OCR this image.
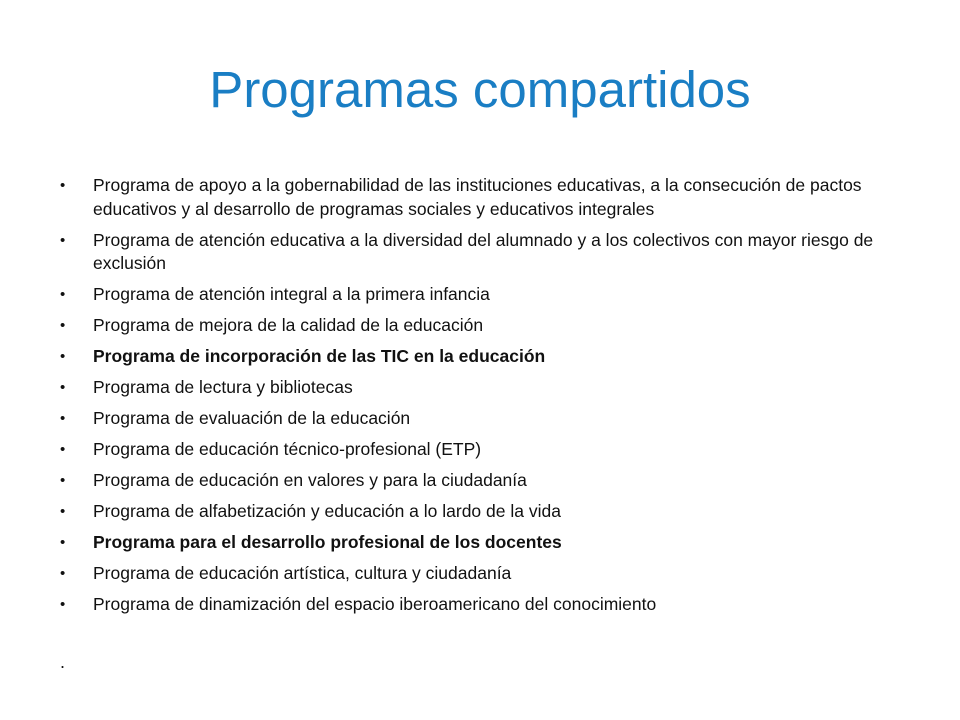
Programas compartidos
•	Programa de apoyo a la gobernabilidad de las instituciones educativas, a la consecución de pactos educativos y al desarrollo de programas sociales y educativos integrales
•	Programa de atención educativa a la diversidad del alumnado y a los colectivos con mayor riesgo de exclusión
•	Programa de atención integral a la primera infancia
•	Programa de mejora de la calidad de la educación
•	Programa de incorporación de las TIC en la educación
•	Programa de lectura y bibliotecas
•	Programa de evaluación de la educación
•	Programa de educación técnico-profesional (ETP)
•	Programa de educación en valores y para la ciudadanía
•	Programa de alfabetización y educación a lo lardo de la vida
•	Programa para el desarrollo profesional de los docentes
•	Programa de educación artística, cultura y ciudadanía
•	Programa de dinamización del espacio iberoamericano del conocimiento
.
